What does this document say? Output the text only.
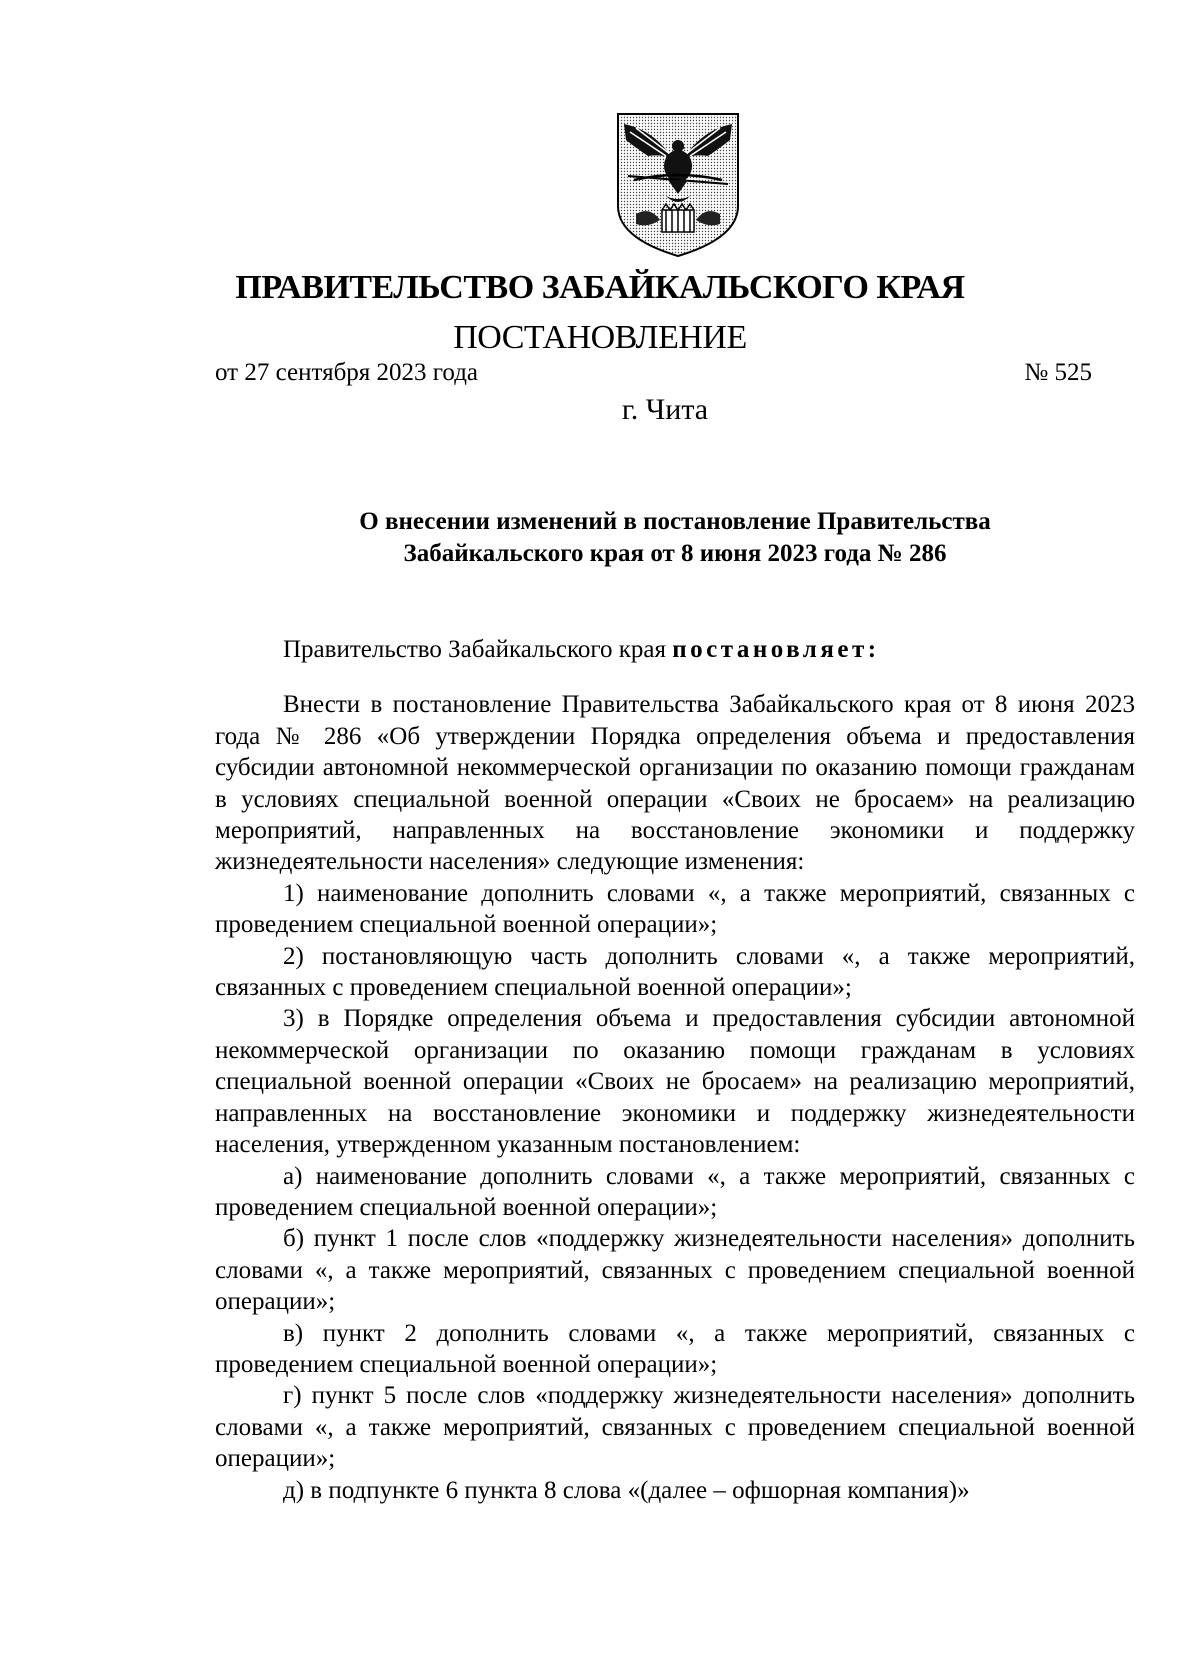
ПРАВИТЕЛЬСТВО ЗАБАЙКАЛЬСКОГО КРАЯ
ПОСТАНОВЛЕНИЕ
от 27 сентября 2023 года	№ 525
г. Чита
О внесении изменений в постановление Правительства
Забайкальского края от 8 июня 2023 года № 286

Правительство Забайкальского края постановляет:

Внести в постановление Правительства Забайкальского края от 8 июня 2023 года № 286 «Об утверждении Порядка определения объема и предоставления субсидии автономной некоммерческой организации по оказанию помощи гражданам в условиях специальной военной операции «Своих не бросаем» на реализацию мероприятий, направленных на восстановление экономики и поддержку жизнедеятельности населения» следующие изменения:

1) наименование дополнить словами «, а также мероприятий, связанных с проведением специальной военной операции»;

2) постановляющую часть дополнить словами «, а также мероприятий, связанных с проведением специальной военной операции»;

3) в Порядке определения объема и предоставления субсидии автономной некоммерческой организации по оказанию помощи гражданам в условиях специальной военной операции «Своих не бросаем» на реализацию мероприятий, направленных на восстановление экономики и поддержку жизнедеятельности населения, утвержденном указанным постановлением:

а) наименование дополнить словами «, а также мероприятий, связанных с проведением специальной военной операции»;

б) пункт 1 после слов «поддержку жизнедеятельности населения» дополнить словами «, а также мероприятий, связанных с проведением специальной военной операции»;

в) пункт 2 дополнить словами «, а также мероприятий, связанных с проведением специальной военной операции»;

г) пункт 5 после слов «поддержку жизнедеятельности населения» дополнить словами «, а также мероприятий, связанных с проведением специальной военной операции»;

д) в подпункте 6 пункта 8 слова «(далее – офшорная компания)»
